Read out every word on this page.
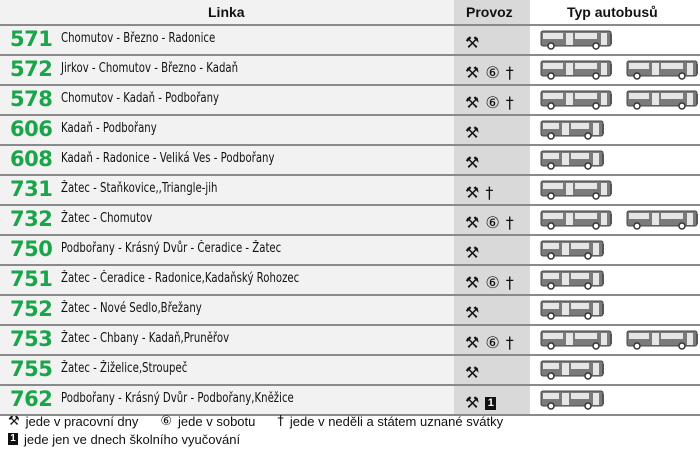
Linka	Provoz	Typ autobusů
571 Chomutov - Březno - Radonice	⚒
572 Jirkov - Chomutov - Březno - Kadaň	⚒ ⑥ †
578 Chomutov - Kadaň - Podbořany	⚒ ⑥ †
606 Kadaň - Podbořany	⚒
608 Kadaň - Radonice - Veliká Ves - Podbořany	⚒
731 Žatec - Staňkovice,,Triangle-jih	⚒ †
732 Žatec - Chomutov	⚒ ⑥ †
750 Podbořany - Krásný Dvůr - Čeradice - Žatec	⚒
751 Žatec - Čeradice - Radonice,Kadaňský Rohozec	⚒ ⑥ †
752 Žatec - Nové Sedlo,Břežany	⚒
753 Žatec - Chbany - Kadaň,Pruněřov	⚒ ⑥ †
755 Žatec - Žiželice,Stroupeč	⚒
762 Podbořany - Krásný Dvůr - Podbořany,Kněžice	⚒ 1
⚒ jede v pracovní dny ⑥ jede v sobotu † jede v neděli a státem uznané svátky
1 jede jen ve dnech školního vyučování
